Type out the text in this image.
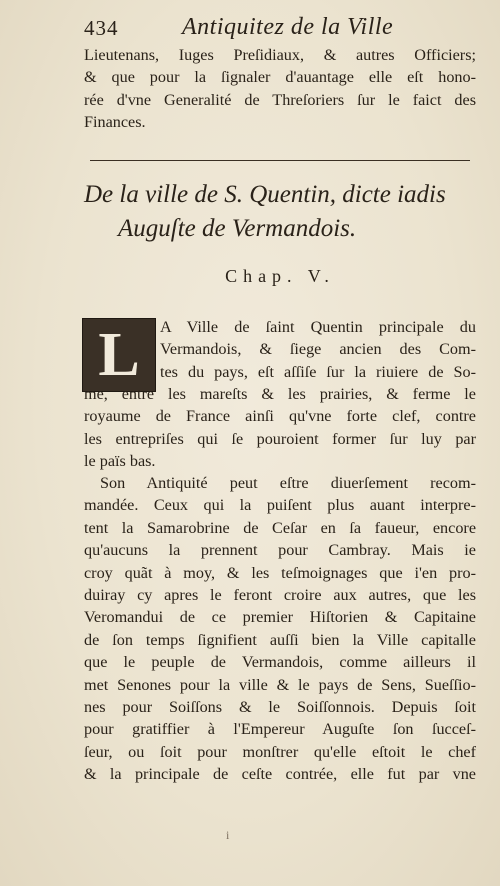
434	Antiquitez de la Ville
Lieutenans, Iuges Preſidiaux, & autres Officiers;
& que pour la ſignaler d'auantage elle eſt hono-
rée d'vne Generalité de Threſoriers ſur le faict des
Finances.
De la ville de S. Quentin, dicte iadis
Auguſte de Vermandois.
Chap. V.
L A Ville de ſaint Quentin principale du
Vermandois, & ſiege ancien des Com-
tes du pays, eſt aſſiſe ſur la riuiere de So-
me, entre les mareſts & les prairies, & ferme le
royaume de France ainſi qu'vne forte clef, contre
les entrepriſes qui ſe pouroient former ſur luy par
le païs bas.
Son Antiquité peut eſtre diuerſement recom-
mandée. Ceux qui la puiſent plus auant interpre-
tent la Samarobrine de Ceſar en ſa faueur, encore
qu'aucuns la prennent pour Cambray. Mais ie
croy quãt à moy, & les teſmoignages que i'en pro-
duiray cy apres le feront croire aux autres, que les
Veromandui de ce premier Hiſtorien & Capitaine
de ſon temps ſignifient auſſi bien la Ville capitalle
que le peuple de Vermandois, comme ailleurs il
met Senones pour la ville & le pays de Sens, Sueſſio-
nes pour Soiſſons & le Soiſſonnois. Depuis ſoit
pour gratiffier à l'Empereur Auguſte ſon ſucceſ-
ſeur, ou ſoit pour monſtrer qu'elle eſtoit le chef
& la principale de ceſte contrée, elle fut par vne
i
